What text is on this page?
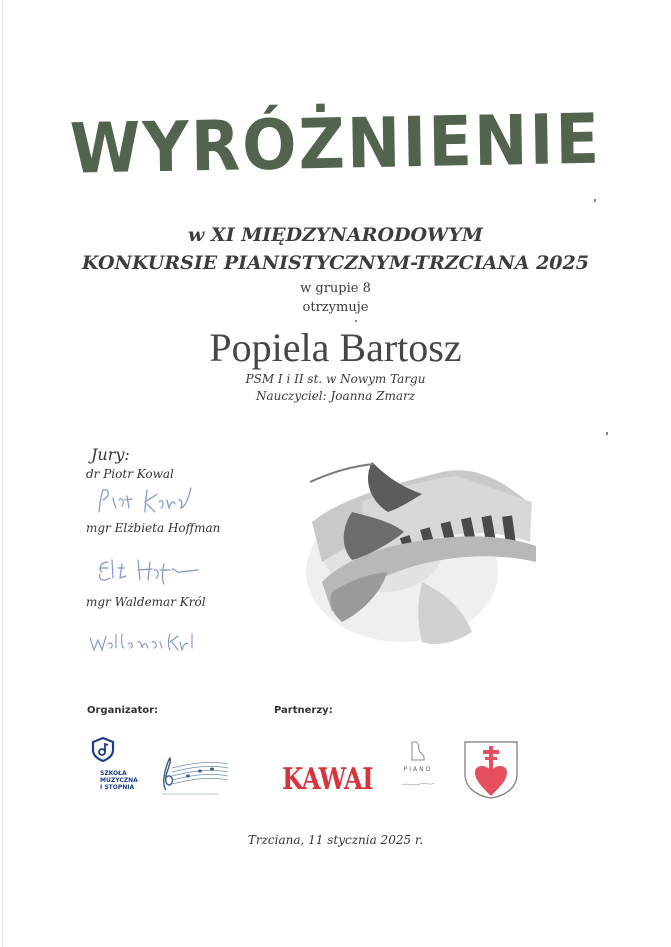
WYRÓŻNIENIE
w XI MIĘDZYNARODOWYM
KONKURSIE PIANISTYCZNYM-TRZCIANA 2025
w grupie 8
otrzymuje
Popiela Bartosz
PSM I i II st. w Nowym Targu
Nauczyciel: Joanna Zmarz
Jury:
dr Piotr Kowal
mgr Elżbieta Hoffman
mgr Waldemar Król
Organizator:	Partnerzy:
SZKOŁA
MUZYCZNA
I STOPNIA	KAWAI	PIANO
Trzciana, 11 stycznia 2025 r.
